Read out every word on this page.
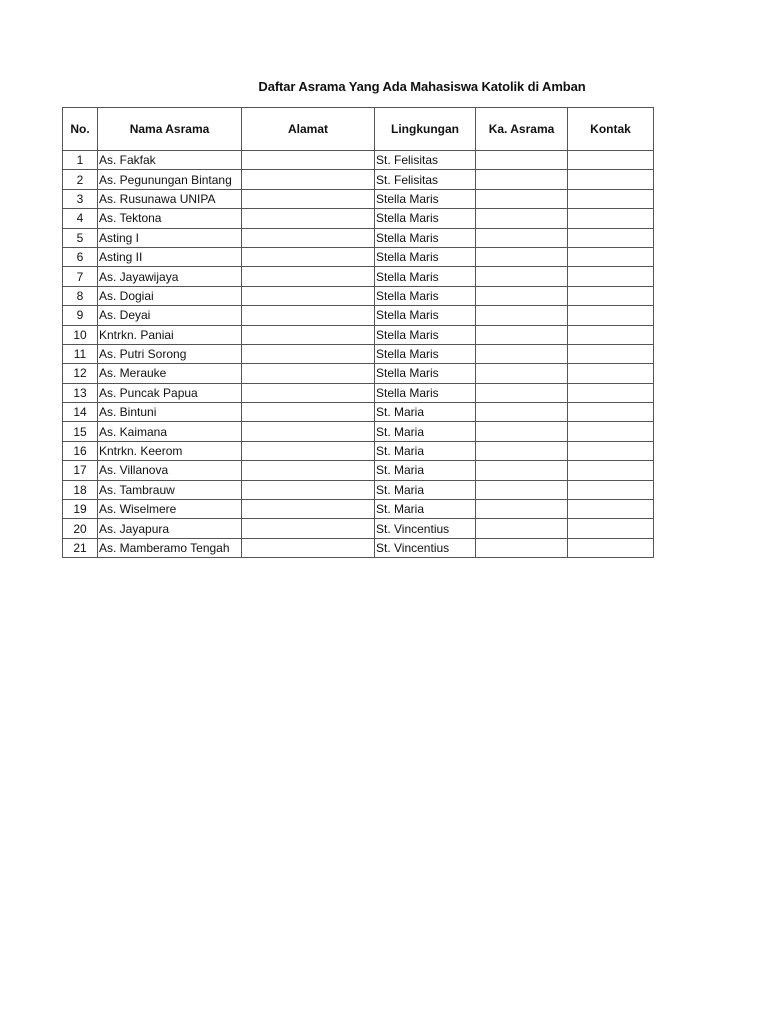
Daftar Asrama Yang Ada Mahasiswa Katolik di Amban
No.	Nama Asrama	Alamat	Lingkungan	Ka. Asrama	Kontak
1	As. Fakfak		St. Felisitas		
2	As. Pegunungan Bintang		St. Felisitas		
3	As. Rusunawa UNIPA		Stella Maris		
4	As. Tektona		Stella Maris		
5	Asting I		Stella Maris		
6	Asting II		Stella Maris		
7	As. Jayawijaya		Stella Maris		
8	As. Dogiai		Stella Maris		
9	As. Deyai		Stella Maris		
10	Kntrkn. Paniai		Stella Maris		
11	As. Putri Sorong		Stella Maris		
12	As. Merauke		Stella Maris		
13	As. Puncak Papua		Stella Maris		
14	As. Bintuni		St. Maria		
15	As. Kaimana		St. Maria		
16	Kntrkn. Keerom		St. Maria		
17	As. Villanova		St. Maria		
18	As. Tambrauw		St. Maria		
19	As. Wiselmere		St. Maria		
20	As. Jayapura		St. Vincentius		
21	As. Mamberamo Tengah		St. Vincentius		
